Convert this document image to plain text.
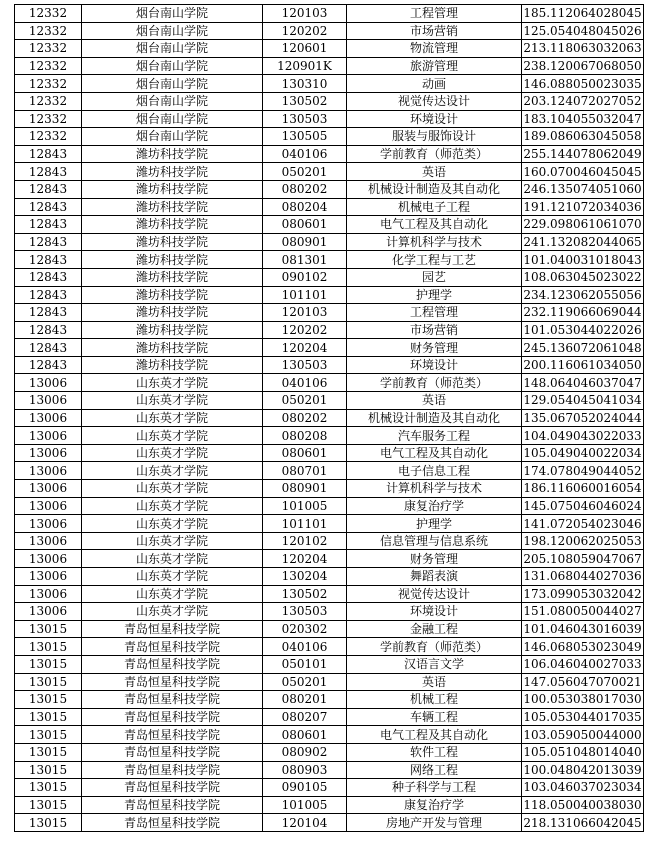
12332	烟台南山学院	120103	工程管理	185.112064028045
12332	烟台南山学院	120202	市场营销	125.054048045026
12332	烟台南山学院	120601	物流管理	213.118063032063
12332	烟台南山学院	120901K	旅游管理	238.120067068050
12332	烟台南山学院	130310	动画	146.088050023035
12332	烟台南山学院	130502	视觉传达设计	203.124072027052
12332	烟台南山学院	130503	环境设计	183.104055032047
12332	烟台南山学院	130505	服装与服饰设计	189.086063045058
12843	潍坊科技学院	040106	学前教育（师范类）	255.144078062049
12843	潍坊科技学院	050201	英语	160.070046045045
12843	潍坊科技学院	080202	机械设计制造及其自动化	246.135074051060
12843	潍坊科技学院	080204	机械电子工程	191.121072034036
12843	潍坊科技学院	080601	电气工程及其自动化	229.098061061070
12843	潍坊科技学院	080901	计算机科学与技术	241.132082044065
12843	潍坊科技学院	081301	化学工程与工艺	101.040031018043
12843	潍坊科技学院	090102	园艺	108.063045023022
12843	潍坊科技学院	101101	护理学	234.123062055056
12843	潍坊科技学院	120103	工程管理	232.119066069044
12843	潍坊科技学院	120202	市场营销	101.053044022026
12843	潍坊科技学院	120204	财务管理	245.136072061048
12843	潍坊科技学院	130503	环境设计	200.116061034050
13006	山东英才学院	040106	学前教育（师范类）	148.064046037047
13006	山东英才学院	050201	英语	129.054045041034
13006	山东英才学院	080202	机械设计制造及其自动化	135.067052024044
13006	山东英才学院	080208	汽车服务工程	104.049043022033
13006	山东英才学院	080601	电气工程及其自动化	105.049040022034
13006	山东英才学院	080701	电子信息工程	174.078049044052
13006	山东英才学院	080901	计算机科学与技术	186.116060016054
13006	山东英才学院	101005	康复治疗学	145.075046046024
13006	山东英才学院	101101	护理学	141.072054023046
13006	山东英才学院	120102	信息管理与信息系统	198.120062025053
13006	山东英才学院	120204	财务管理	205.108059047067
13006	山东英才学院	130204	舞蹈表演	131.068044027036
13006	山东英才学院	130502	视觉传达设计	173.099053032042
13006	山东英才学院	130503	环境设计	151.080050044027
13015	青岛恒星科技学院	020302	金融工程	101.046043016039
13015	青岛恒星科技学院	040106	学前教育（师范类）	146.068053023049
13015	青岛恒星科技学院	050101	汉语言文学	106.046040027033
13015	青岛恒星科技学院	050201	英语	147.056047070021
13015	青岛恒星科技学院	080201	机械工程	100.053038017030
13015	青岛恒星科技学院	080207	车辆工程	105.053044017035
13015	青岛恒星科技学院	080601	电气工程及其自动化	103.059050044000
13015	青岛恒星科技学院	080902	软件工程	105.051048014040
13015	青岛恒星科技学院	080903	网络工程	100.048042013039
13015	青岛恒星科技学院	090105	种子科学与工程	103.046037023034
13015	青岛恒星科技学院	101005	康复治疗学	118.050040038030
13015	青岛恒星科技学院	120104	房地产开发与管理	218.131066042045
